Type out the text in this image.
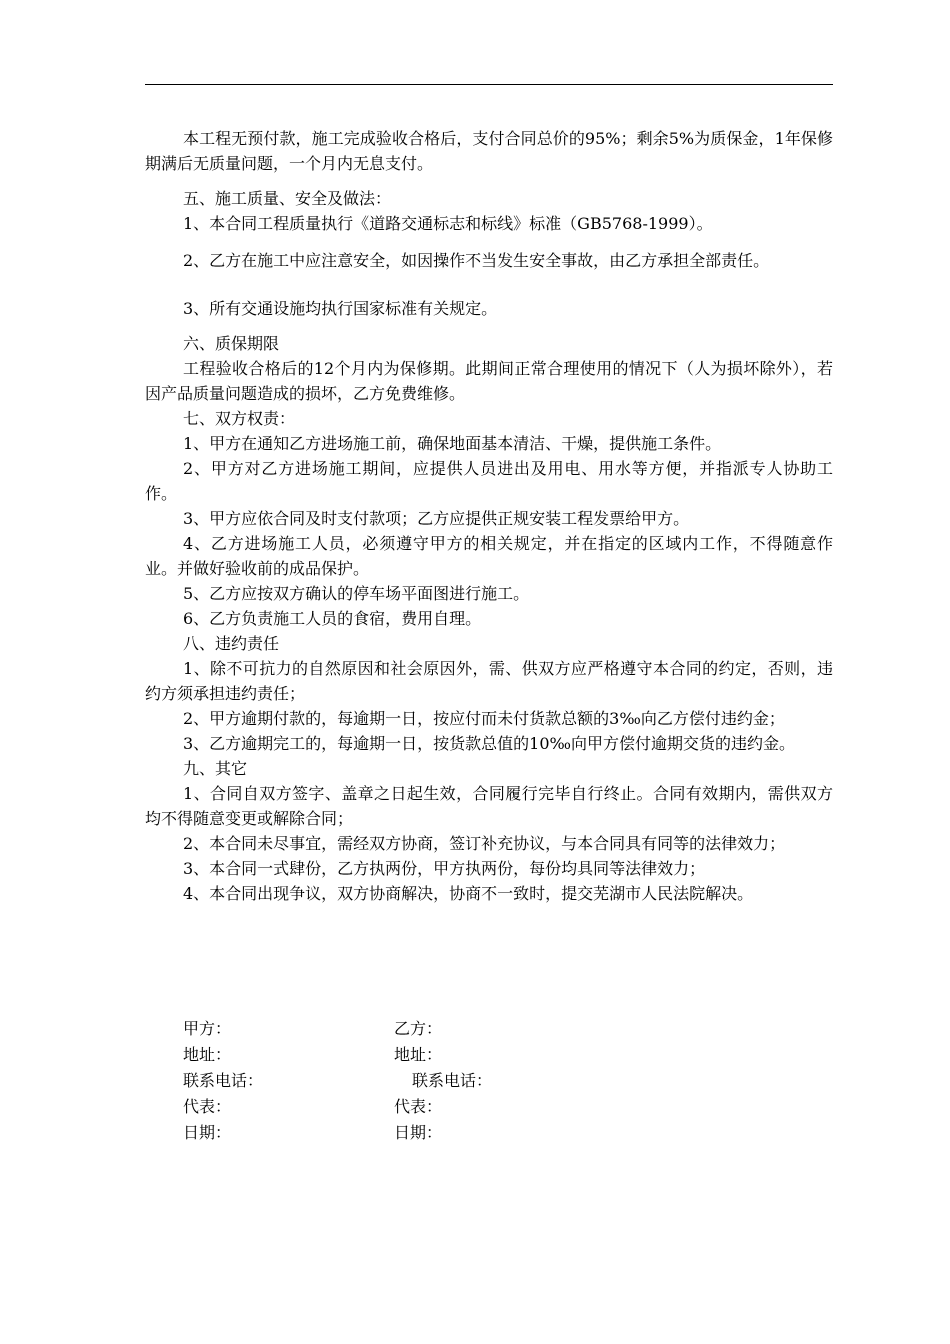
本工程无预付款，施工完成验收合格后，支付合同总价的95%；剩余5%为质保金，1年保修期满后无质量问题，一个月内无息支付。

五、施工质量、安全及做法：

1、本合同工程质量执行《道路交通标志和标线》标准（GB5768-1999）。

2、乙方在施工中应注意安全，如因操作不当发生安全事故，由乙方承担全部责任。

3、所有交通设施均执行国家标准有关规定。

六、质保期限

工程验收合格后的12个月内为保修期。此期间正常合理使用的情况下（人为损坏除外），若因产品质量问题造成的损坏，乙方免费维修。

七、双方权责：

1、甲方在通知乙方进场施工前，确保地面基本清洁、干燥，提供施工条件。

2、甲方对乙方进场施工期间，应提供人员进出及用电、用水等方便，并指派专人协助工作。

3、甲方应依合同及时支付款项；乙方应提供正规安装工程发票给甲方。

4、乙方进场施工人员，必须遵守甲方的相关规定，并在指定的区域内工作，不得随意作业。并做好验收前的成品保护。

5、乙方应按双方确认的停车场平面图进行施工。

6、乙方负责施工人员的食宿，费用自理。

八、违约责任

1、除不可抗力的自然原因和社会原因外，需、供双方应严格遵守本合同的约定，否则，违约方须承担违约责任；

2、甲方逾期付款的，每逾期一日，按应付而未付货款总额的3‰向乙方偿付违约金；

3、乙方逾期完工的，每逾期一日，按货款总值的10‰向甲方偿付逾期交货的违约金。

九、其它

1、合同自双方签字、盖章之日起生效，合同履行完毕自行终止。合同有效期内，需供双方均不得随意变更或解除合同；

2、本合同未尽事宜，需经双方协商，签订补充协议，与本合同具有同等的法律效力；

3、本合同一式肆份，乙方执两份，甲方执两份，每份均具同等法律效力；

4、本合同出现争议，双方协商解决，协商不一致时，提交芜湖市人民法院解决。

甲方：	乙方：
地址：	地址：
联系电话：	联系电话：
代表：	代表：
日期：	日期：
